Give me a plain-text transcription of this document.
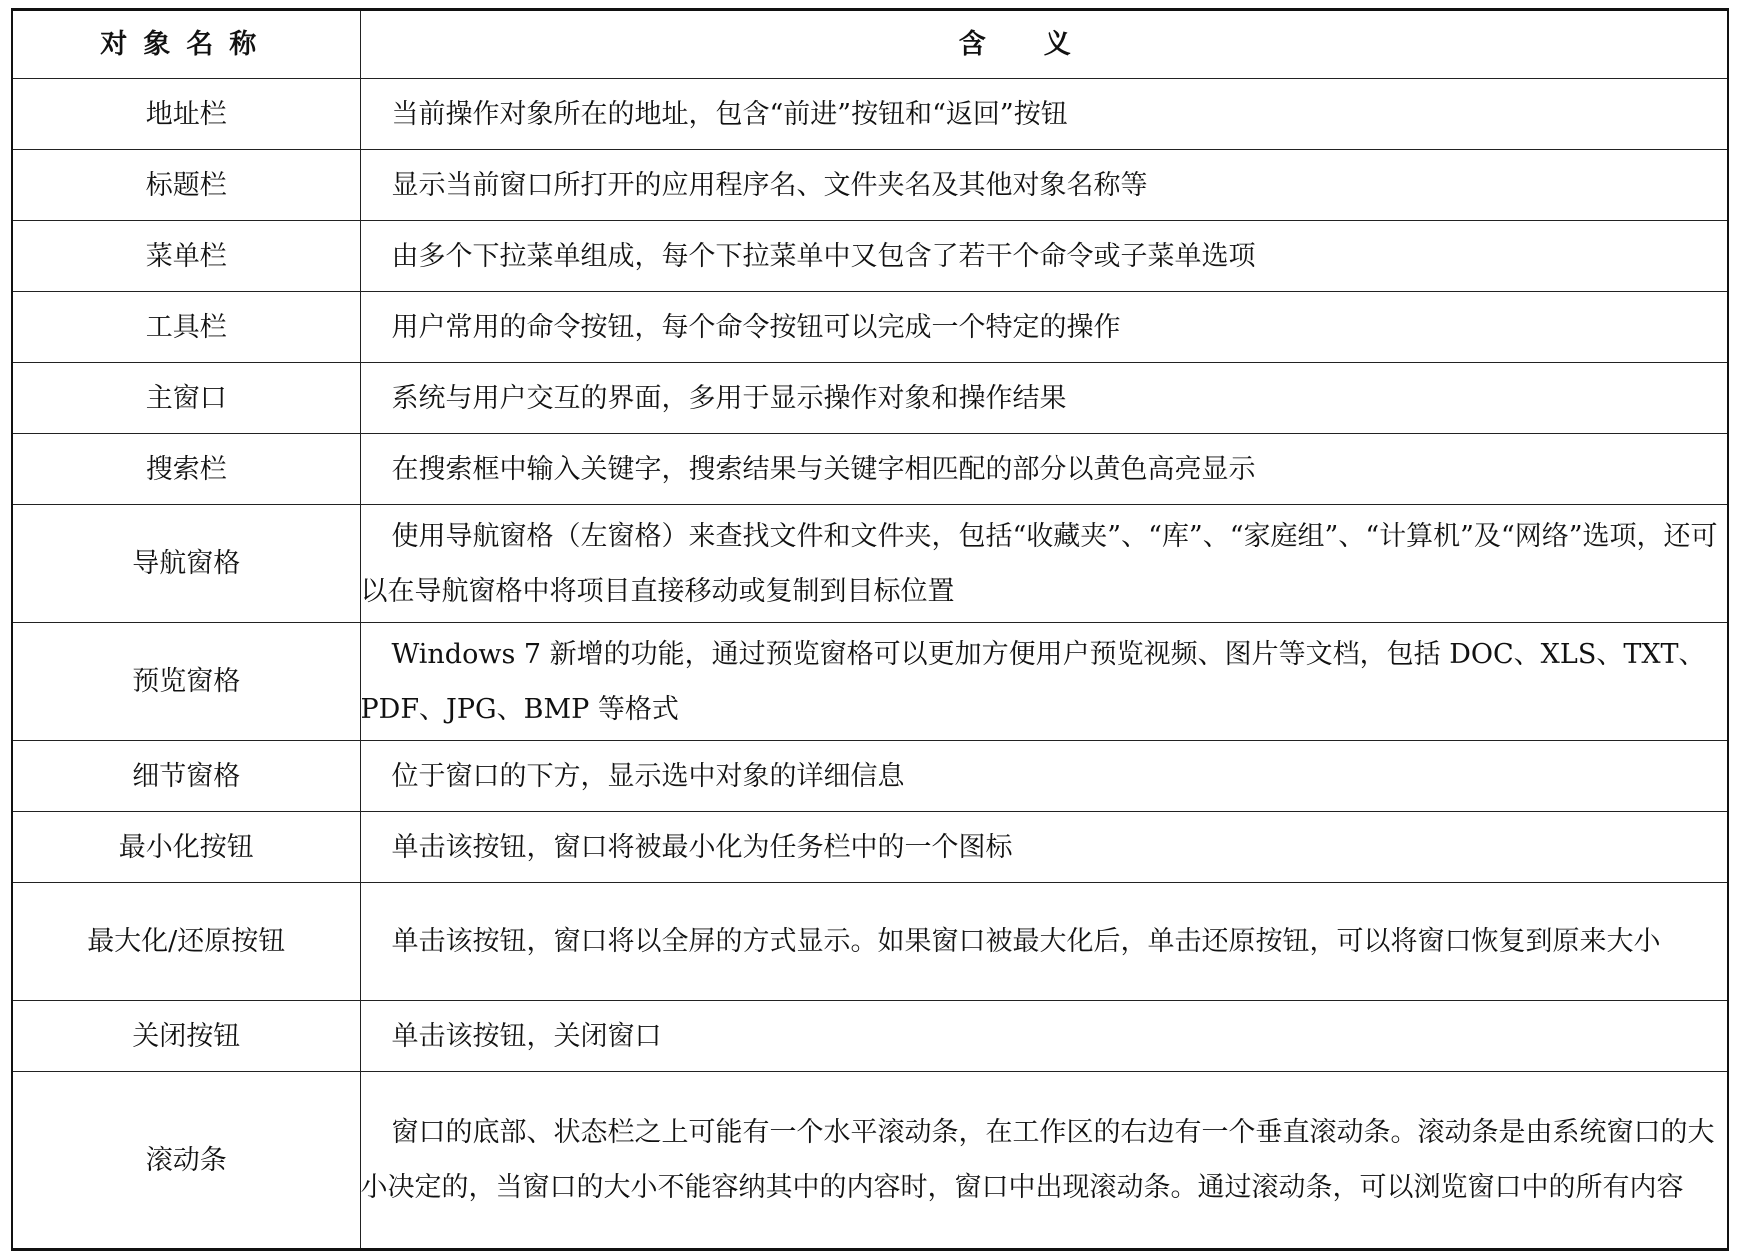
对象名称	含义
地址栏	当前操作对象所在的地址，包含“前进”按钮和“返回”按钮
标题栏	显示当前窗口所打开的应用程序名、文件夹名及其他对象名称等
菜单栏	由多个下拉菜单组成，每个下拉菜单中又包含了若干个命令或子菜单选项
工具栏	用户常用的命令按钮，每个命令按钮可以完成一个特定的操作
主窗口	系统与用户交互的界面，多用于显示操作对象和操作结果
搜索栏	在搜索框中输入关键字，搜索结果与关键字相匹配的部分以黄色高亮显示
导航窗格	使用导航窗格（左窗格）来查找文件和文件夹，包括“收藏夹”、“库”、“家庭组”、“计算机”及“网络”选项，还可以在导航窗格中将项目直接移动或复制到目标位置
预览窗格	Windows 7 新增的功能，通过预览窗格可以更加方便用户预览视频、图片等文档，包括 DOC、XLS、TXT、PDF、JPG、BMP 等格式
细节窗格	位于窗口的下方，显示选中对象的详细信息
最小化按钮	单击该按钮，窗口将被最小化为任务栏中的一个图标
最大化/还原按钮	单击该按钮，窗口将以全屏的方式显示。如果窗口被最大化后，单击还原按钮，可以将窗口恢复到原来大小
关闭按钮	单击该按钮，关闭窗口
滚动条	窗口的底部、状态栏之上可能有一个水平滚动条，在工作区的右边有一个垂直滚动条。滚动条是由系统窗口的大小决定的，当窗口的大小不能容纳其中的内容时，窗口中出现滚动条。通过滚动条，可以浏览窗口中的所有内容
